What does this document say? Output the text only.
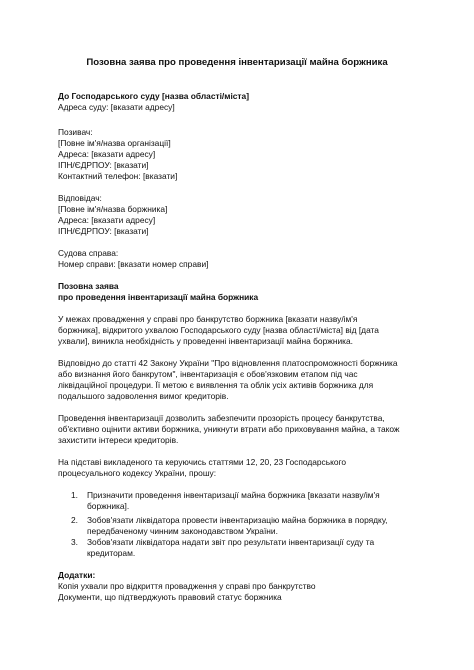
Позовна заява про проведення інвентаризації майна боржника
До Господарського суду [назва області/міста]
Адреса суду: [вказати адресу]
Позивач:
[Повне ім'я/назва організації]
Адреса: [вказати адресу]
ІПН/ЄДРПОУ: [вказати]
Контактний телефон: [вказати]
Відповідач:
[Повне ім'я/назва боржника]
Адреса: [вказати адресу]
ІПН/ЄДРПОУ: [вказати]
Судова справа:
Номер справи: [вказати номер справи]
Позовна заява
про проведення інвентаризації майна боржника
У межах провадження у справі про банкрутство боржника [вказати назву/ім'я
боржника], відкритого ухвалою Господарського суду [назва області/міста] від [дата
ухвали], виникла необхідність у проведенні інвентаризації майна боржника.
Відповідно до статті 42 Закону України "Про відновлення платоспроможності боржника
або визнання його банкрутом", інвентаризація є обов'язковим етапом під час
ліквідаційної процедури. Її метою є виявлення та облік усіх активів боржника для
подальшого задоволення вимог кредиторів.
Проведення інвентаризації дозволить забезпечити прозорість процесу банкрутства,
об'єктивно оцінити активи боржника, уникнути втрати або приховування майна, а також
захистити інтереси кредиторів.
На підставі викладеного та керуючись статтями 12, 20, 23 Господарського
процесуального кодексу України, прошу:
1. Призначити проведення інвентаризації майна боржника [вказати назву/ім'я
боржника].
2. Зобов'язати ліквідатора провести інвентаризацію майна боржника в порядку,
передбаченому чинним законодавством України.
3. Зобов'язати ліквідатора надати звіт про результати інвентаризації суду та
кредиторам.
Додатки:
Копія ухвали про відкриття провадження у справі про банкрутство
Документи, що підтверджують правовий статус боржника
